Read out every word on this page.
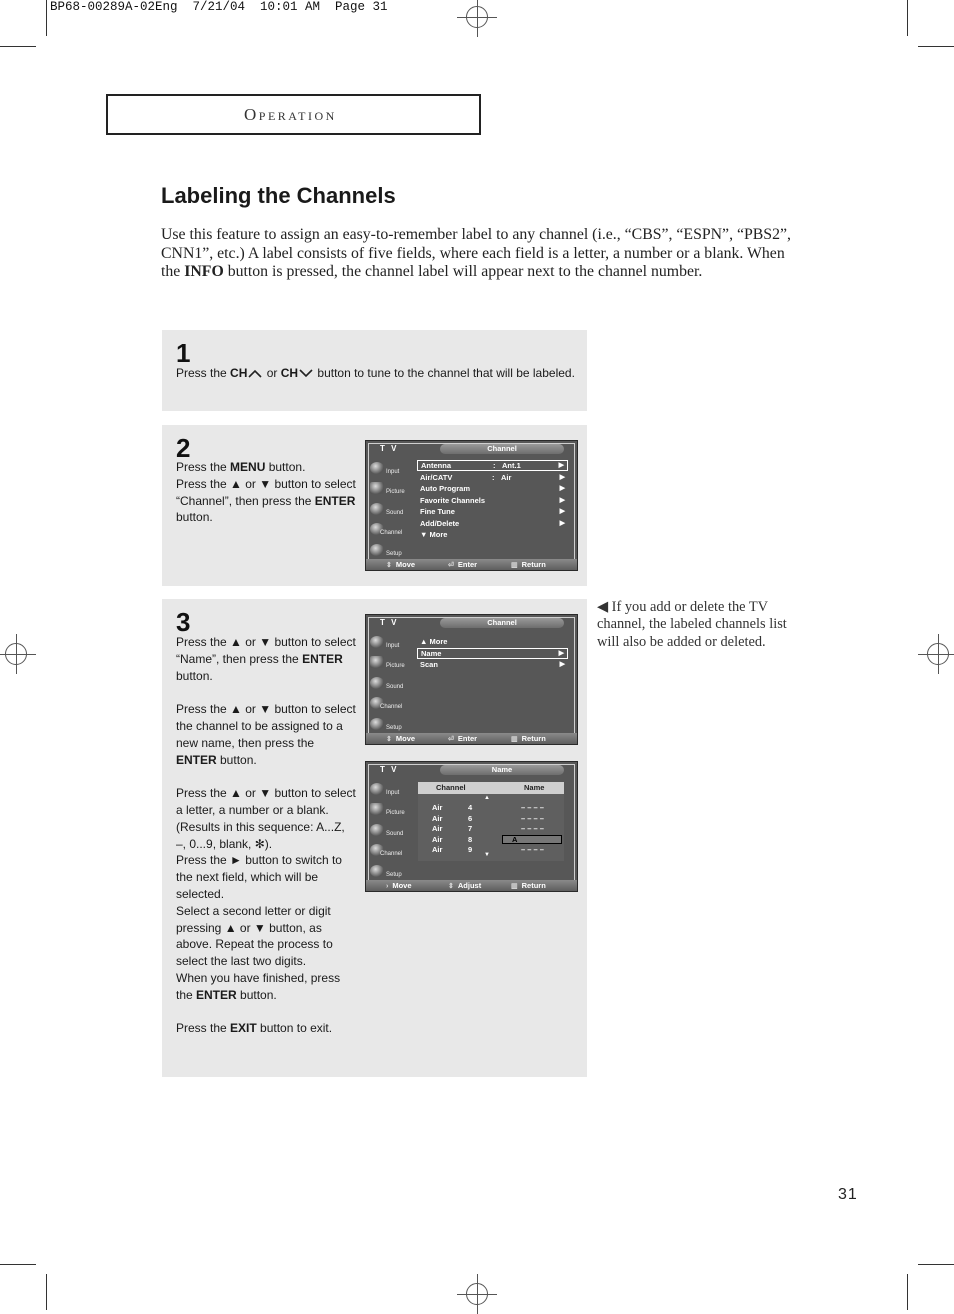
BP68-00289A-02Eng  7/21/04  10:01 AM  Page 31
Operation
Labeling the Channels
Use this feature to assign an easy-to-remember label to any channel (i.e., “CBS”, “ESPN”, “PBS2”, CNN1”, etc.) A label consists of five fields, where each field is a letter, a number or a blank. When the INFO button is pressed, the channel label will appear next to the channel number.
1
Press the CH or CH button to tune to the channel that will be labeled.
2
Press the MENU button.
Press the ▲ or ▼ button to select “Channel”, then press the ENTER button.
T V	Channel
Input
Picture
Sound
Channel
Setup
Antenna	: Ant.1	▶
Air/CATV	: Air	▶
Auto Program	▶
Favorite Channels	▶
Fine Tune	▶
Add/Delete	▶
▼ More
⇕ Move	⏎ Enter	▥ Return
3
Press the ▲ or ▼ button to select “Name”, then press the ENTER button.
Press the ▲ or ▼ button to select the channel to be assigned to a new name, then press the ENTER button.
Press the ▲ or ▼ button to select a letter, a number or a blank. (Results in this sequence: A...Z, –, 0...9, blank, ✻).
Press the ► button to switch to the next field, which will be selected.
Select a second letter or digit pressing ▲ or ▼ button, as above. Repeat the process to select the last two digits.
When you have finished, press the ENTER button.
Press the EXIT button to exit.
T V	Channel
Input
Picture
Sound
Channel
Setup
▲ More
Name	▶
Scan	▶
⇕ Move	⏎ Enter	▥ Return
T V	Name
Input
Picture
Sound
Channel
Setup
Channel	Name
▲
Air	4	– – – –
Air	6	– – – –
Air	7	– – – –
Air	8	A
Air	9	– – – –
▼
› Move	⇕ Adjust	▥ Return
◀ If you add or delete the TV channel, the labeled channels list will also be added or deleted.
31
